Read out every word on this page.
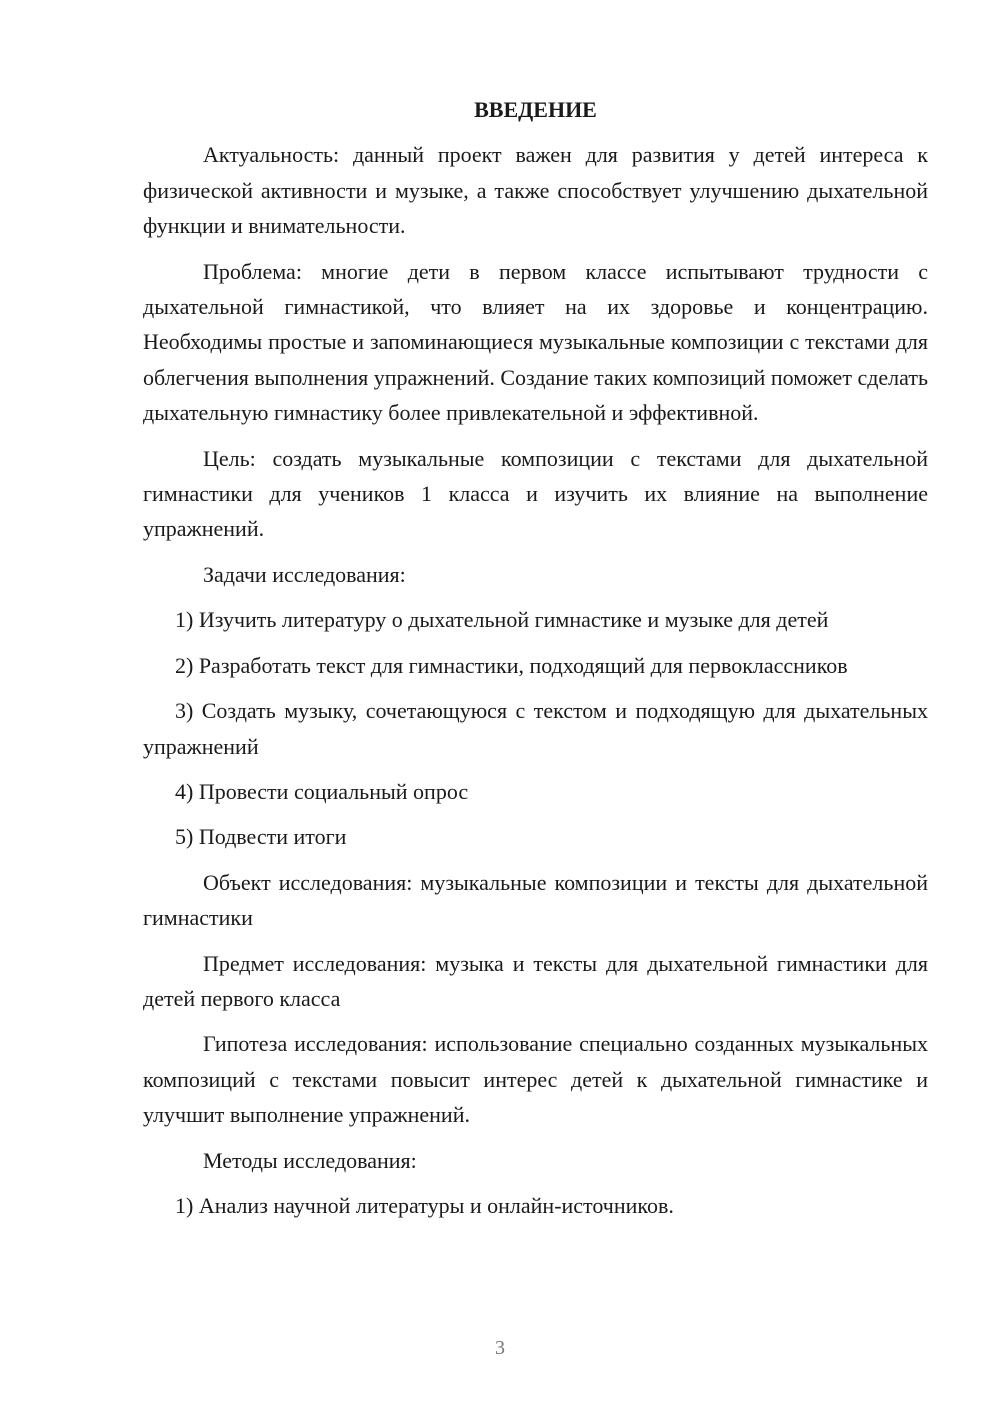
ВВЕДЕНИЕ
Актуальность: данный проект важен для развития у детей интереса к физической активности и музыке, а также способствует улучшению дыхательной функции и внимательности.
Проблема: многие дети в первом классе испытывают трудности с дыхательной гимнастикой, что влияет на их здоровье и концентрацию. Необходимы простые и запоминающиеся музыкальные композиции с текстами для облегчения выполнения упражнений. Создание таких композиций поможет сделать дыхательную гимнастику более привлекательной и эффективной.
Цель: создать музыкальные композиции с текстами для дыхательной гимнастики для учеников 1 класса и изучить их влияние на выполнение упражнений.
Задачи исследования:
1) Изучить литературу о дыхательной гимнастике и музыке для детей
2) Разработать текст для гимнастики, подходящий для первоклассников
3) Создать музыку, сочетающуюся с текстом и подходящую для дыхательных упражнений
4) Провести социальный опрос
5) Подвести итоги
Объект исследования: музыкальные композиции и тексты для дыхательной гимнастики
Предмет исследования: музыка и тексты для дыхательной гимнастики для детей первого класса
Гипотеза исследования: использование специально созданных музыкальных композиций с текстами повысит интерес детей к дыхательной гимнастике и улучшит выполнение упражнений.
Методы исследования:
1) Анализ научной литературы и онлайн-источников.
3
